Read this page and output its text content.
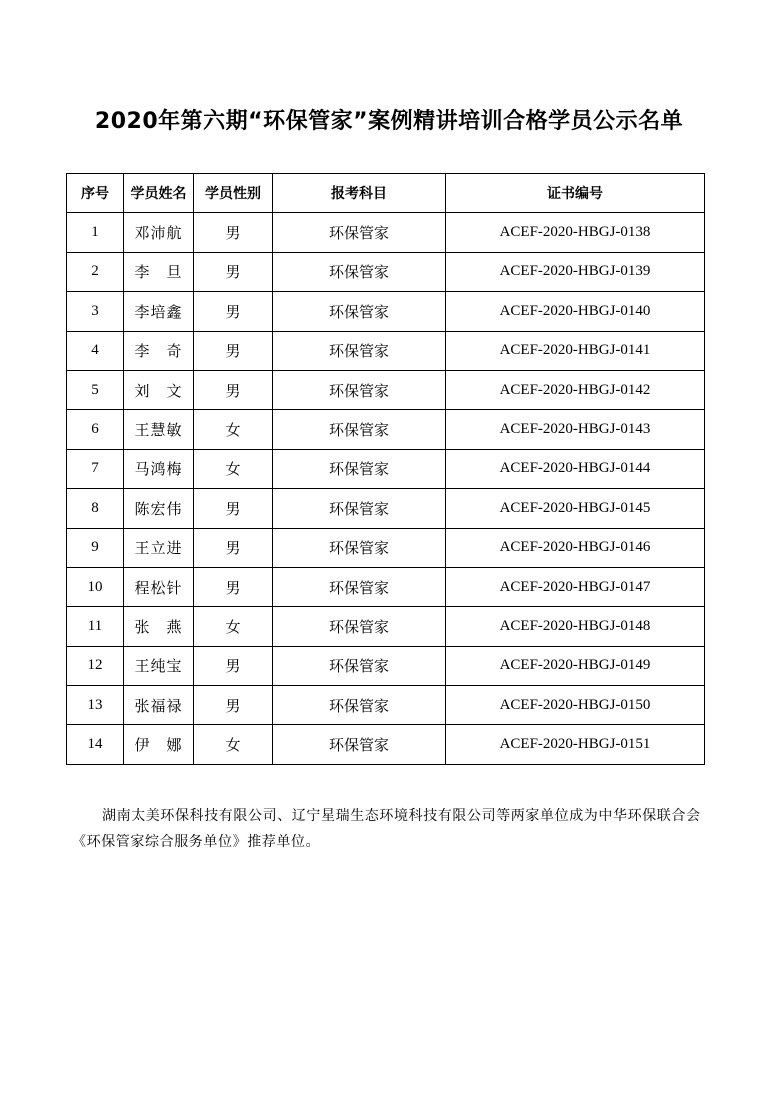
2020年第六期“环保管家”案例精讲培训合格学员公示名单
序号	学员姓名	学员性别	报考科目	证书编号
1	邓沛航	男	环保管家	ACEF-2020-HBGJ-0138
2	李　旦	男	环保管家	ACEF-2020-HBGJ-0139
3	李培鑫	男	环保管家	ACEF-2020-HBGJ-0140
4	李　奇	男	环保管家	ACEF-2020-HBGJ-0141
5	刘　文	男	环保管家	ACEF-2020-HBGJ-0142
6	王慧敏	女	环保管家	ACEF-2020-HBGJ-0143
7	马鸿梅	女	环保管家	ACEF-2020-HBGJ-0144
8	陈宏伟	男	环保管家	ACEF-2020-HBGJ-0145
9	王立进	男	环保管家	ACEF-2020-HBGJ-0146
10	程松针	男	环保管家	ACEF-2020-HBGJ-0147
11	张　燕	女	环保管家	ACEF-2020-HBGJ-0148
12	王纯宝	男	环保管家	ACEF-2020-HBGJ-0149
13	张福禄	男	环保管家	ACEF-2020-HBGJ-0150
14	伊　娜	女	环保管家	ACEF-2020-HBGJ-0151
湖南太美环保科技有限公司、辽宁星瑞生态环境科技有限公司等两家单位成为中华环保联合会《环保管家综合服务单位》推荐单位。
